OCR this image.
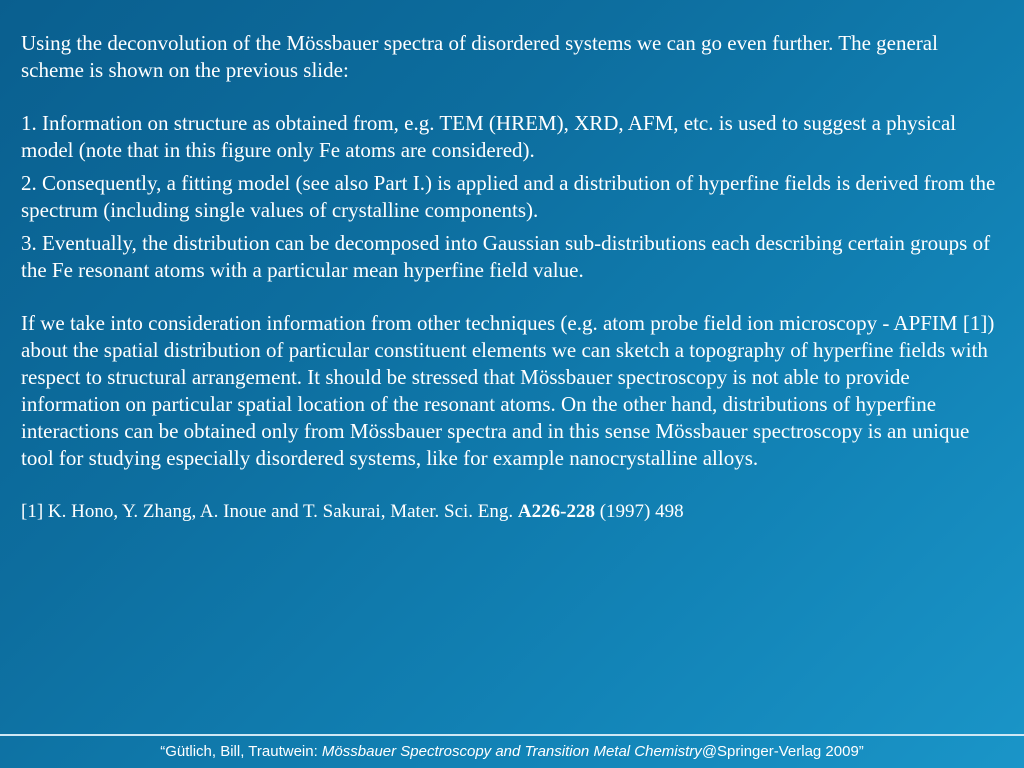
Using the deconvolution of the Mössbauer spectra of disordered systems we can go even further. The general scheme is shown on the previous slide:

1. Information on structure as obtained from, e.g. TEM (HREM), XRD, AFM, etc. is used to suggest a physical model (note that in this figure only Fe atoms are considered).

2. Consequently, a fitting model (see also Part I.) is applied and a distribution of hyperfine fields is derived from the spectrum (including single values of crystalline components).

3. Eventually, the distribution can be decomposed into Gaussian sub-distributions each describing certain groups of the Fe resonant atoms with a particular mean hyperfine field value.

If we take into consideration information from other techniques (e.g. atom probe field ion microscopy - APFIM [1]) about the spatial distribution of particular constituent elements we can sketch a topography of hyperfine fields with respect to structural arrangement. It should be stressed that Mössbauer spectroscopy is not able to provide information on particular spatial location of the resonant atoms. On the other hand, distributions of hyperfine interactions can be obtained only from Mössbauer spectra and in this sense Mössbauer spectroscopy is an unique tool for studying especially disordered systems, like for example nanocrystalline alloys.

[1] K. Hono, Y. Zhang, A. Inoue and T. Sakurai, Mater. Sci. Eng. A226-228 (1997) 498

“Gütlich, Bill, Trautwein: Mössbauer Spectroscopy and Transition Metal Chemistry@Springer-Verlag 2009”
